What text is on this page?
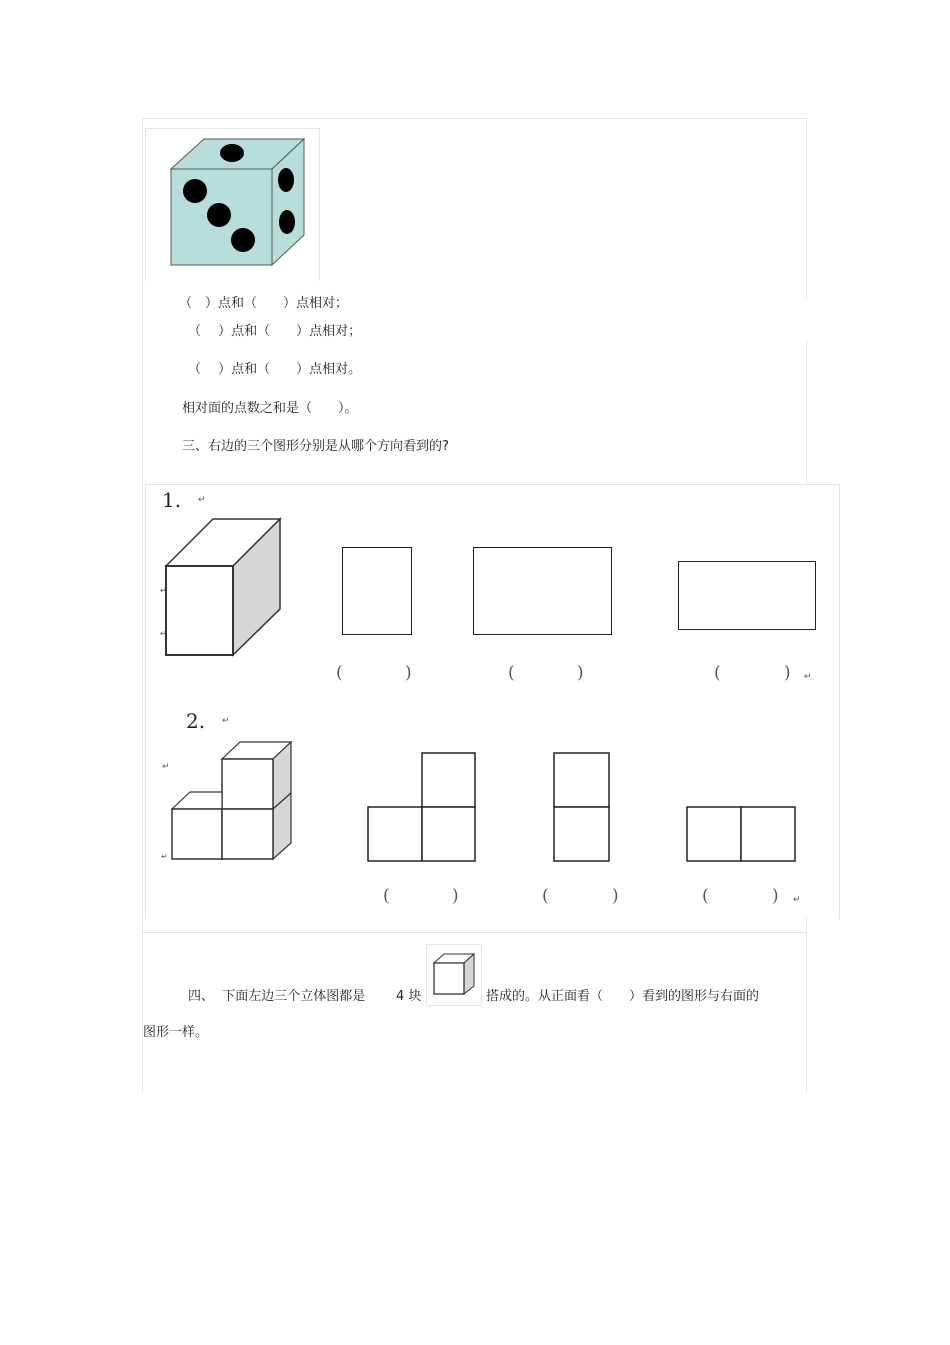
（　）点和（　　）点相对；
（　 ）点和（　　）点相对；
（　 ）点和（　　）点相对。
相对面的点数之和是（　　）。
三、右边的三个图形分别是从哪个方向看到的?
1. ↵
↵
↵
(	)	(	)	(	) ↵
2. ↵
↵
↵
(	)	(	)	(	) ↵
四、  下面左边三个立体图都是 4 块	搭成的。从正面看（　　）看到的图形与右面的
图形一样。
